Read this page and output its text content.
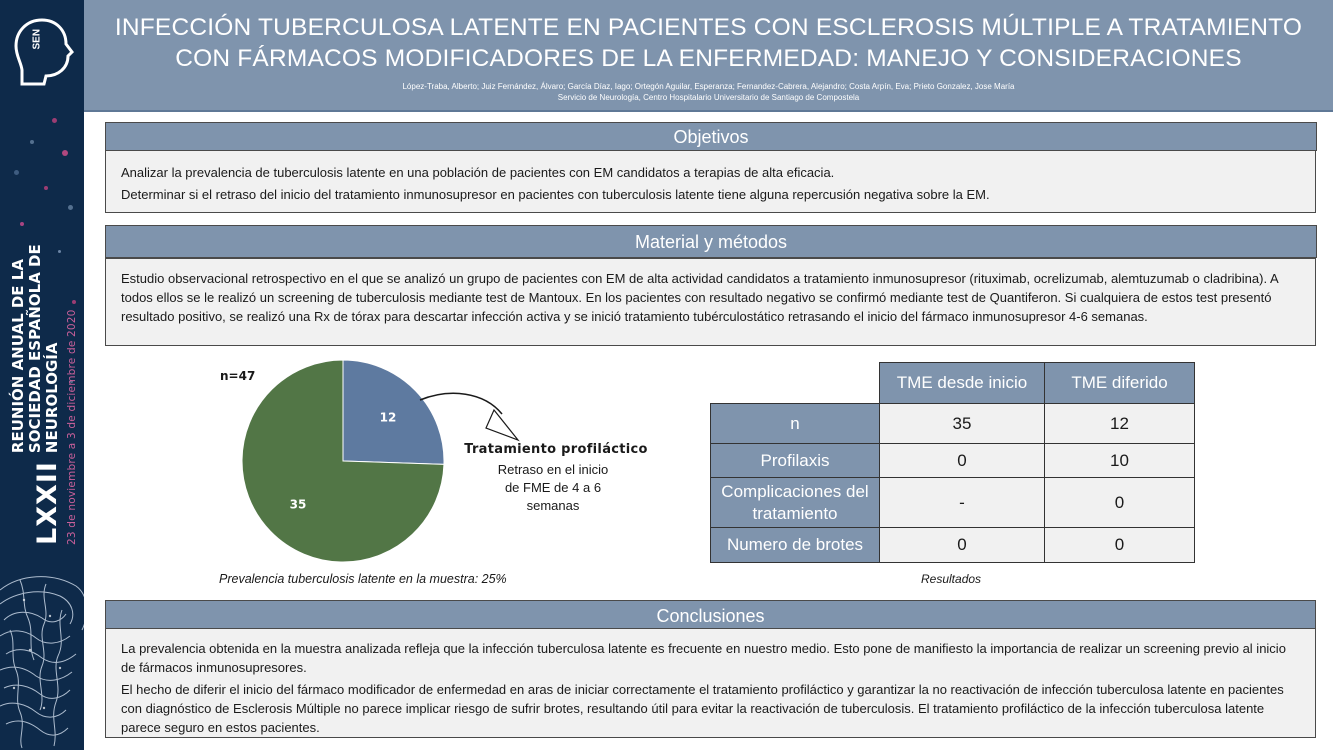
SEN
LXXII
REUNIÓN ANUAL DE LA
SOCIEDAD ESPAÑOLA DE NEUROLOGÍA 23 de noviembre a 3 de diciembre de 2020
INFECCIÓN TUBERCULOSA LATENTE EN PACIENTES CON ESCLEROSIS MÚLTIPLE A TRATAMIENTO
CON FÁRMACOS MODIFICADORES DE LA ENFERMEDAD: MANEJO Y CONSIDERACIONES
López-Traba, Alberto; Juiz Fernández, Álvaro; García Díaz, Iago; Ortegón Aguilar, Esperanza; Fernandez-Cabrera, Alejandro; Costa Arpín, Eva; Prieto Gonzalez, Jose María
Servicio de Neurología, Centro Hospitalario Universitario de Santiago de Compostela
Objetivos

Analizar la prevalencia de tuberculosis latente en una población de pacientes con EM candidatos a terapias de alta eficacia.

Determinar si el retraso del inicio del tratamiento inmunosupresor en pacientes con tuberculosis latente tiene alguna repercusión negativa sobre la EM.

Material y métodos

Estudio observacional retrospectivo en el que se analizó un grupo de pacientes con EM de alta actividad candidatos a tratamiento inmunosupresor (rituximab, ocrelizumab, alemtuzumab o cladribina). A todos ellos se le realizó un screening de tuberculosis mediante test de Mantoux. En los pacientes con resultado negativo se confirmó mediante test de Quantiferon. Si cualquiera de estos test presentó resultado positivo, se realizó una Rx de tórax para descartar infección activa y se inició tratamiento tubérculostático retrasando el inicio del fármaco inmunosupresor 4-6 semanas.

n=47
12
35
Tratamiento profiláctico
Retraso en el inicio
de FME de 4 a 6
semanas
Prevalencia tuberculosis latente en la muestra: 25%
	TME desde inicio	TME diferido
n	35	12
Profilaxis	0	10
Complicaciones del tratamiento	-	0
Numero de brotes	0	0
Resultados
Conclusiones

La prevalencia obtenida en la muestra analizada refleja que la infección tuberculosa latente es frecuente en nuestro medio. Esto pone de manifiesto la importancia de realizar un screening previo al inicio de fármacos inmunosupresores.

El hecho de diferir el inicio del fármaco modificador de enfermedad en aras de iniciar correctamente el tratamiento profiláctico y garantizar la no reactivación de infección tuberculosa latente en pacientes con diagnóstico de Esclerosis Múltiple no parece implicar riesgo de sufrir brotes, resultando útil para evitar la reactivación de tuberculosis. El tratamiento profiláctico de la infección tuberculosa latente parece seguro en estos pacientes.
